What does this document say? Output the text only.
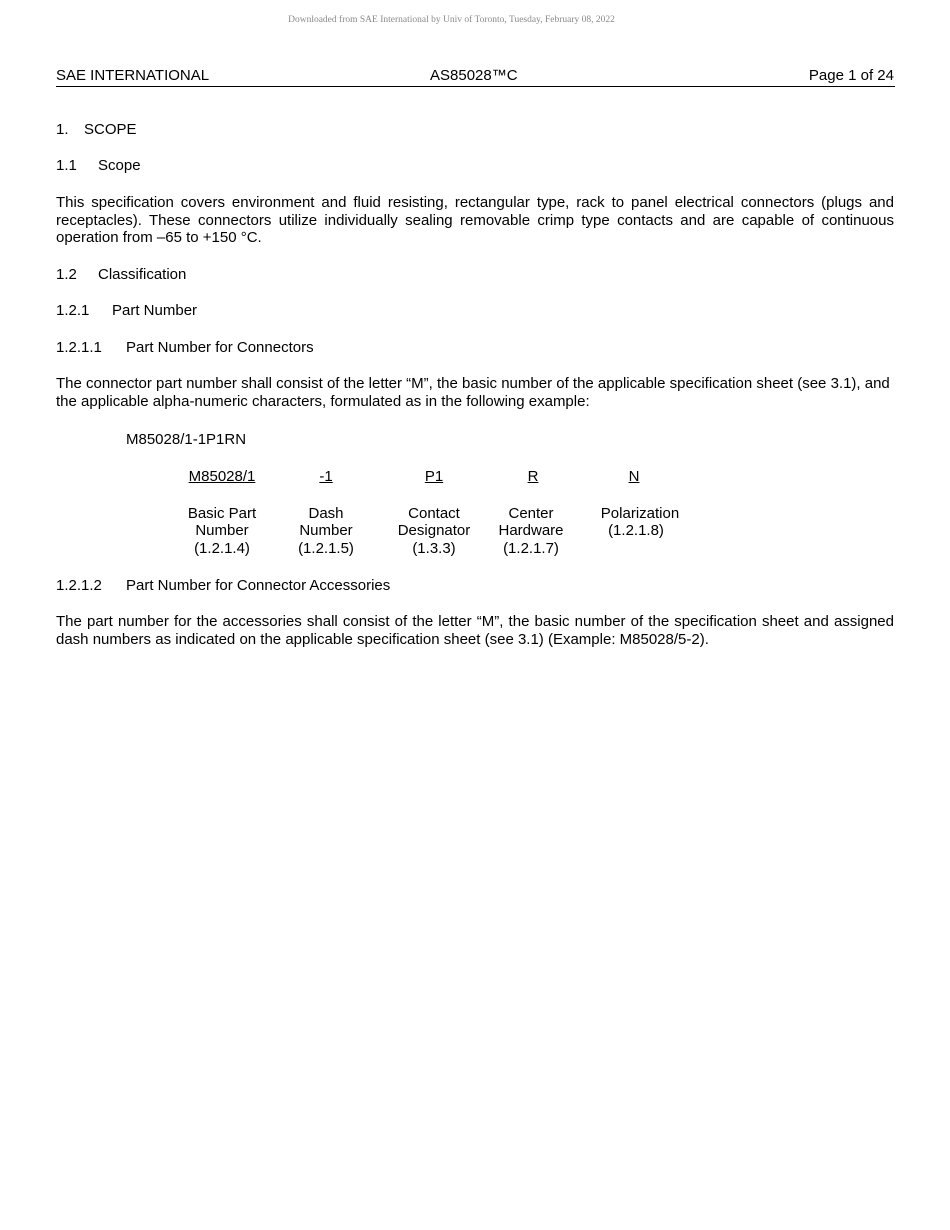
Downloaded from SAE International by Univ of Toronto, Tuesday, February 08, 2022
SAE INTERNATIONAL	AS85028™C	Page 1 of 24
1. SCOPE
1.1 Scope
This specification covers environment and fluid resisting, rectangular type, rack to panel electrical connectors (plugs and receptacles). These connectors utilize individually sealing removable crimp type contacts and are capable of continuous operation from –65 to +150 °C.
1.2 Classification
1.2.1 Part Number
1.2.1.1 Part Number for Connectors
The connector part number shall consist of the letter “M”, the basic number of the applicable specification sheet (see 3.1), and the applicable alpha-numeric characters, formulated as in the following example:
M85028/1-1P1RN
M85028/1
Basic Part
Number
(1.2.1.4)
-1
Dash
Number
(1.2.1.5)
P1
Contact
Designator
(1.3.3)
R
Center
Hardware
(1.2.1.7)
N
Polarization
(1.2.1.8)
1.2.1.2 Part Number for Connector Accessories
The part number for the accessories shall consist of the letter “M”, the basic number of the specification sheet and assigned dash numbers as indicated on the applicable specification sheet (see 3.1) (Example: M85028/5-2).
